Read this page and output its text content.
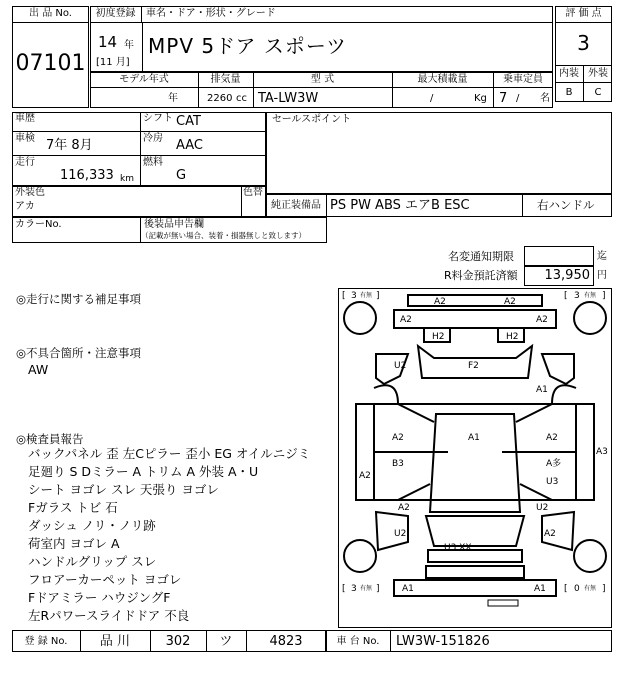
出 品 No.
07101
初度登録	車名・ドア・形状・グレード
14 年
[11 月]
MPV 5ドア スポーツ
評 価 点
3
内装 外装
B	C
モデル年式	排気量	型 式	最大積載量	乗車定員
年	2260 cc TA-LW3W	/	Kg 7 / 名
車歴	シフト CAT
車検 7年 8月	冷房 AAC
走行
116,333 km
燃料
G
セールスポイント
外装色
アカ
色替
純正装備品 PS PW ABS エアB ESC	右ハンドル
カラーNo.	後装品申告欄
（記載が無い場合、装着・損器無しと致します）
名変通知期限	迄
R料金預託済額	13,950 円
◎走行に関する補足事項
◎不具合箇所・注意事項
AW
◎検査員報告
バックパネル 歪 左Cピラー 歪小 EG オイルニジミ
足廻り S Dミラー A トリム A 外装 A・U
シート ヨゴレ スレ 天張り ヨゴレ
Fガラス トビ 石
ダッシュ ノリ・ノリ跡
荷室内 ヨゴレ A
ハンドルグリップ スレ
フロアーカーペット ヨゴレ
Fドアミラー ハウジングF
左Rパワースライドドア 不良
[ 3 有無 ]	[ 3 有無 ]
[ 3 有無 ]	[ 0 有無 ]
A2	A2
A2	A2
H2	H2
F2
U2
A1
A1
A2
B3
A2
A多
U3
A2
A3
A2	U2
U2	A2
U3 XX
A1	A1
登 録 No.	品 川	302	ツ	4823	車 台 No.	LW3W-151826
